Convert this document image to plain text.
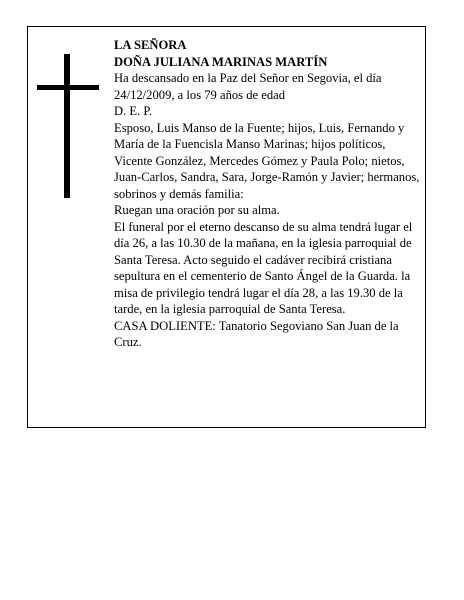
LA SEÑORA

DOÑA JULIANA MARINAS MARTÍN

Ha descansado en la Paz del Señor en Segovia, el día 24/12/2009, a los 79 años de edad

D. E. P.

Esposo, Luis Manso de la Fuente; hijos, Luis, Fernando y María de la Fuencisla Manso Marinas; hijos políticos, Vicente González, Mercedes Gómez y Paula Polo; nietos, Juan-Carlos, Sandra, Sara, Jorge-Ramón y Javier; hermanos, sobrinos y demás familia:

Ruegan una oración por su alma.

El funeral por el eterno descanso de su alma tendrá lugar el día 26, a las 10.30 de la mañana, en la iglesia parroquial de Santa Teresa. Acto seguido el cadáver recibirá cristiana sepultura en el cementerio de Santo Ángel de la Guarda. la misa de privilegio tendrá lugar el día 28, a las 19.30 de la tarde, en la iglesia parroquial de Santa Teresa.

CASA DOLIENTE: Tanatorio Segoviano San Juan de la Cruz.
